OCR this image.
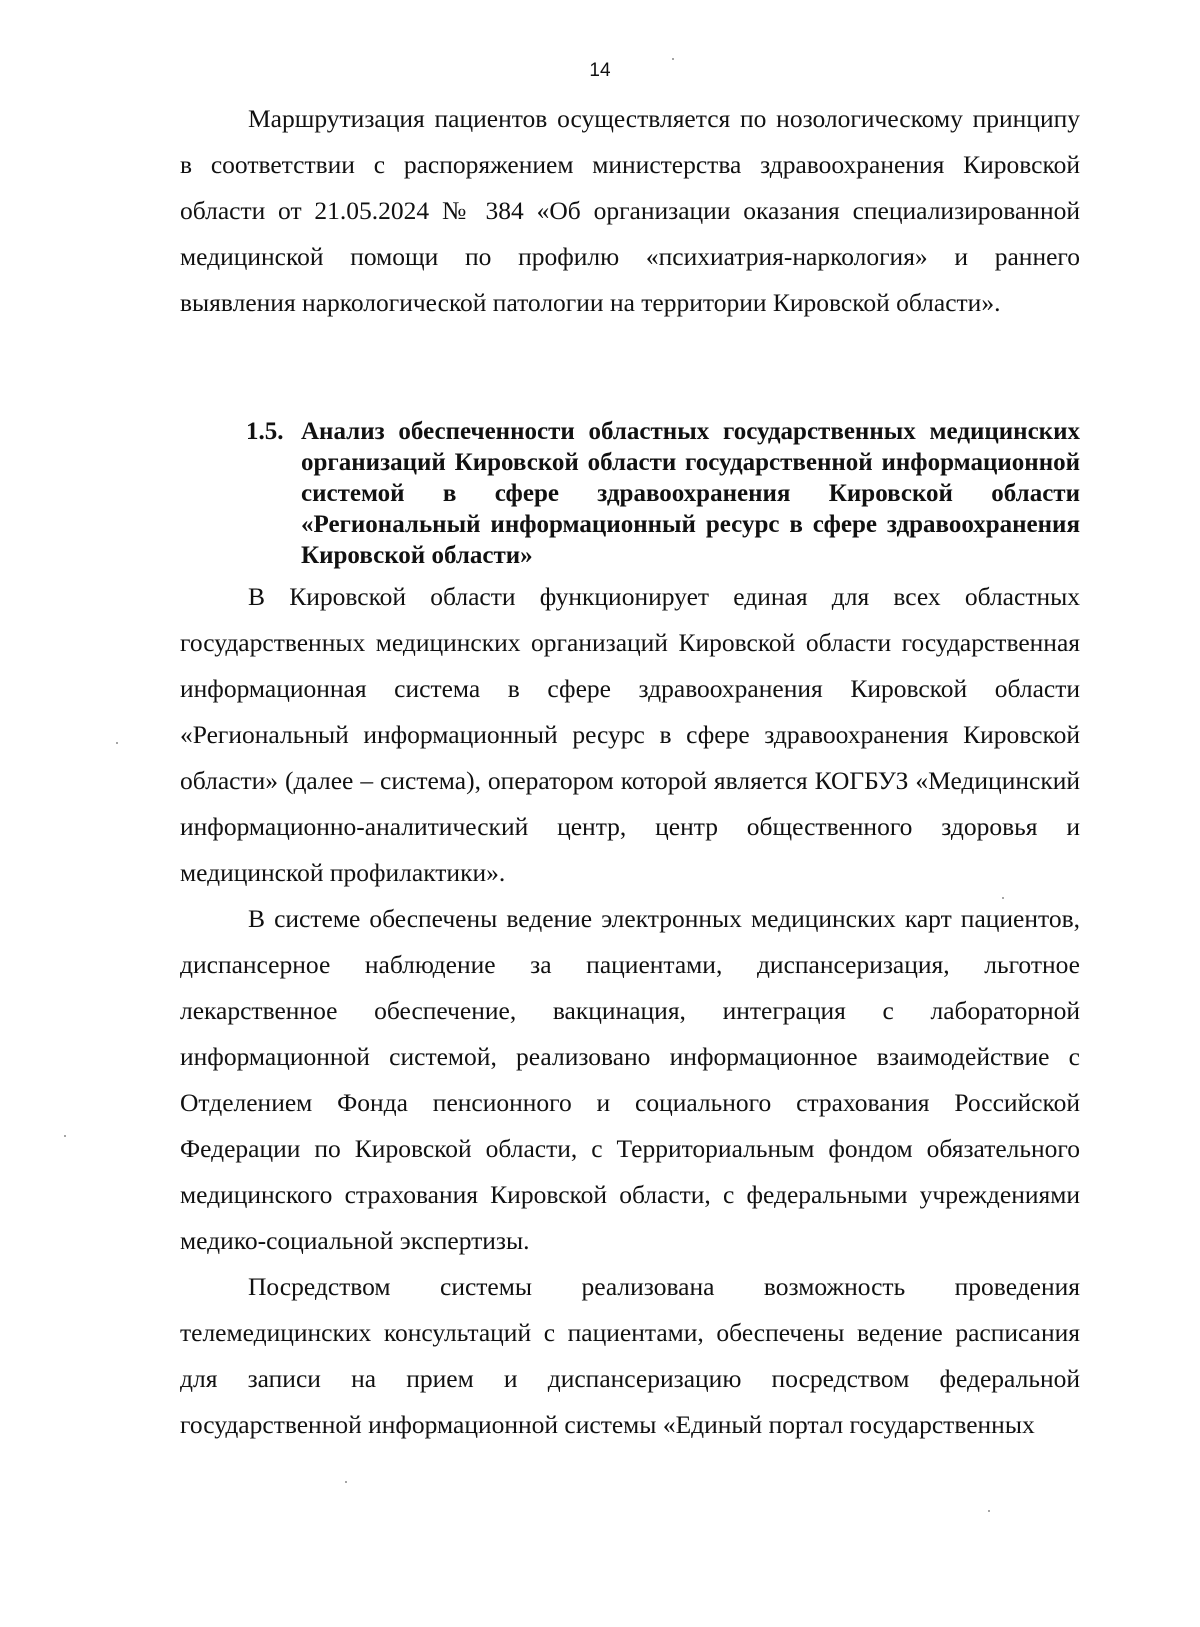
14

Маршрутизация пациентов осуществляется по нозологическому принципу в соответствии с распоряжением министерства здравоохранения Кировской области от 21.05.2024 № 384 «Об организации оказания специализированной медицинской помощи по профилю «психиатрия-наркология» и раннего выявления наркологической патологии на территории Кировской области».

1.5. Анализ обеспеченности областных государственных медицинских организаций Кировской области государственной информационной системой в сфере здравоохранения Кировской области «Региональный информационный ресурс в сфере здравоохранения Кировской области»

В Кировской области функционирует единая для всех областных государственных медицинских организаций Кировской области государственная информационная система в сфере здравоохранения Кировской области «Региональный информационный ресурс в сфере здравоохранения Кировской области» (далее – система), оператором которой является КОГБУЗ «Медицинский информационно-аналитический центр, центр общественного здоровья и медицинской профилактики».

В системе обеспечены ведение электронных медицинских карт пациентов, диспансерное наблюдение за пациентами, диспансеризация, льготное лекарственное обеспечение, вакцинация, интеграция с лабораторной информационной системой, реализовано информационное взаимодействие с Отделением Фонда пенсионного и социального страхования Российской Федерации по Кировской области, с Территориальным фондом обязательного медицинского страхования Кировской области, с федеральными учреждениями медико-социальной экспертизы.

Посредством системы реализована возможность проведения телемедицинских консультаций с пациентами, обеспечены ведение расписания для записи на прием и диспансеризацию посредством федеральной государственной информационной системы «Единый портал государственных
